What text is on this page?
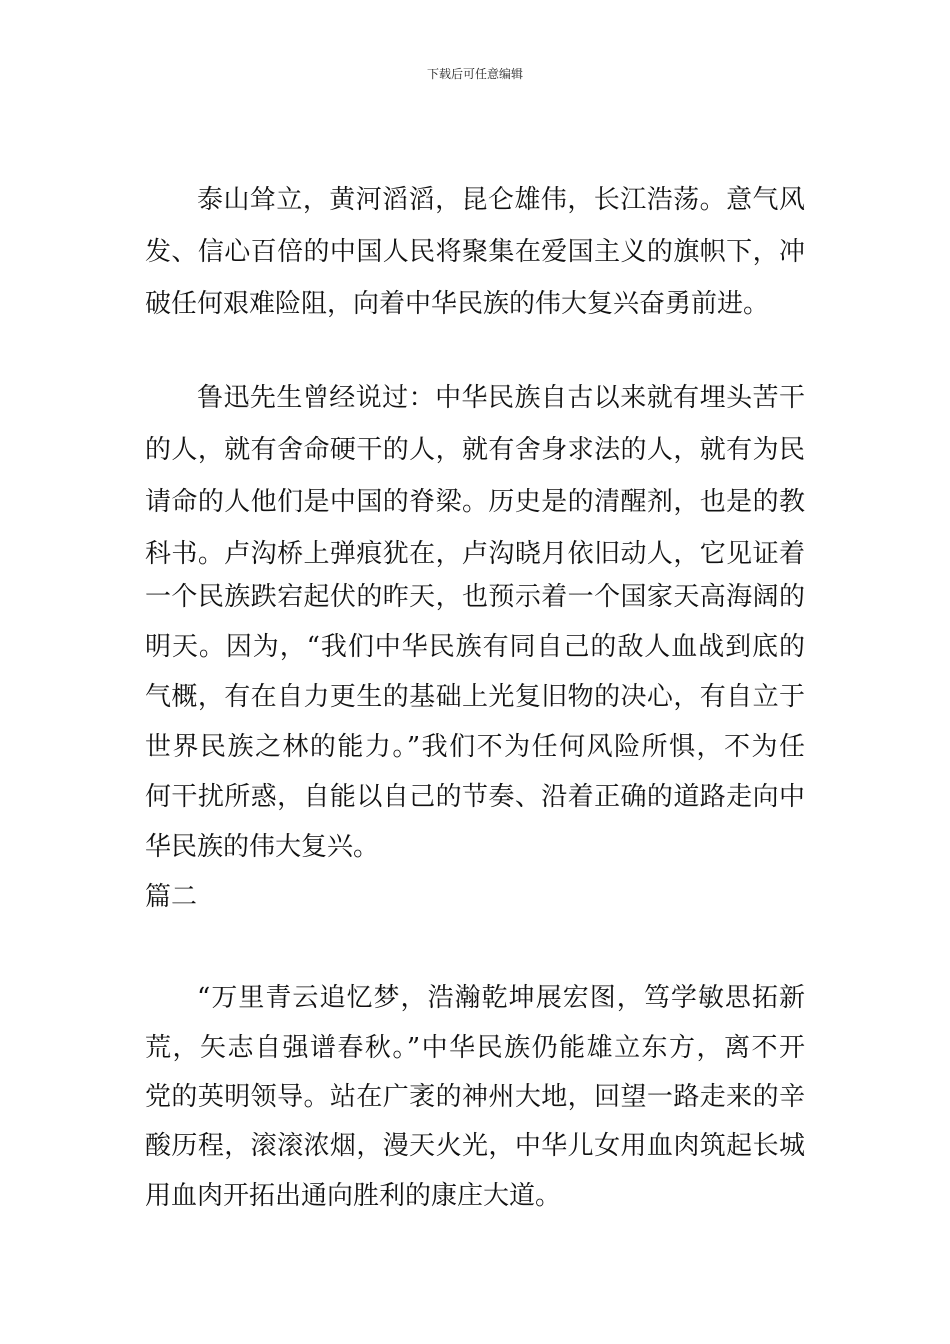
下载后可任意编辑
泰山耸立，黄河滔滔，昆仑雄伟，长江浩荡。意气风
发、信心百倍的中国人民将聚集在爱国主义的旗帜下，冲
破任何艰难险阻，向着中华民族的伟大复兴奋勇前进。
鲁迅先生曾经说过：中华民族自古以来就有埋头苦干
的人，就有舍命硬干的人，就有舍身求法的人，就有为民
请命的人他们是中国的脊梁。历史是的清醒剂，也是的教
科书。卢沟桥上弹痕犹在，卢沟晓月依旧动人，它见证着
一个民族跌宕起伏的昨天，也预示着一个国家天高海阔的
明天。因为，“我们中华民族有同自己的敌人血战到底的
气概，有在自力更生的基础上光复旧物的决心，有自立于
世界民族之林的能力。”我们不为任何风险所惧，不为任
何干扰所惑，自能以自己的节奏、沿着正确的道路走向中
华民族的伟大复兴。
篇二
“万里青云追忆梦，浩瀚乾坤展宏图，笃学敏思拓新
荒，矢志自强谱春秋。”中华民族仍能雄立东方，离不开
党的英明领导。站在广袤的神州大地，回望一路走来的辛
酸历程，滚滚浓烟，漫天火光，中华儿女用血肉筑起长城
用血肉开拓出通向胜利的康庄大道。
